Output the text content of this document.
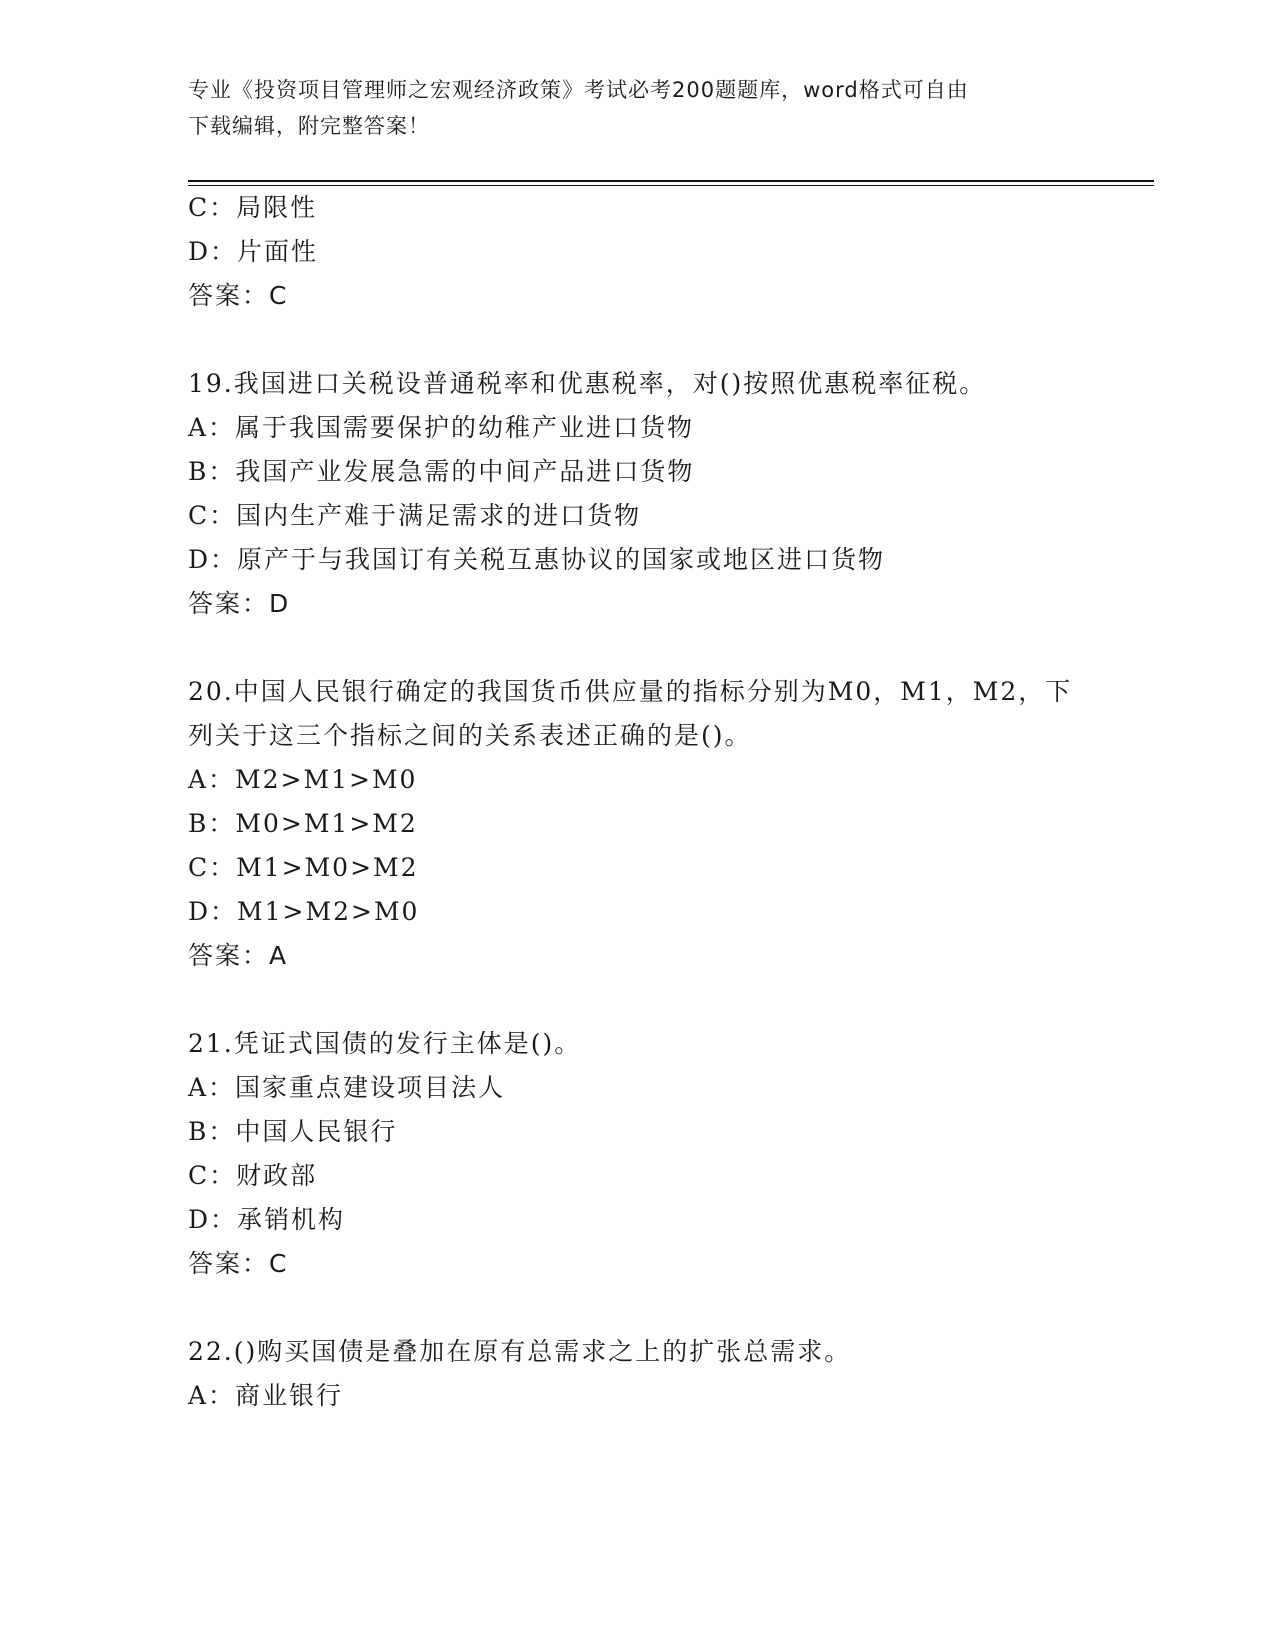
专业《投资项目管理师之宏观经济政策》考试必考200题题库，word格式可自由
下载编辑，附完整答案！
C：局限性
D：片面性
答案：C
19.我国进口关税设普通税率和优惠税率，对()按照优惠税率征税。
A：属于我国需要保护的幼稚产业进口货物
B：我国产业发展急需的中间产品进口货物
C：国内生产难于满足需求的进口货物
D：原产于与我国订有关税互惠协议的国家或地区进口货物
答案：D
20.中国人民银行确定的我国货币供应量的指标分别为M0，M1，M2，下
列关于这三个指标之间的关系表述正确的是()。
A：M2>M1>M0
B：M0>M1>M2
C：M1>M0>M2
D：M1>M2>M0
答案：A
21.凭证式国债的发行主体是()。
A：国家重点建设项目法人
B：中国人民银行
C：财政部
D：承销机构
答案：C
22.()购买国债是叠加在原有总需求之上的扩张总需求。
A：商业银行
